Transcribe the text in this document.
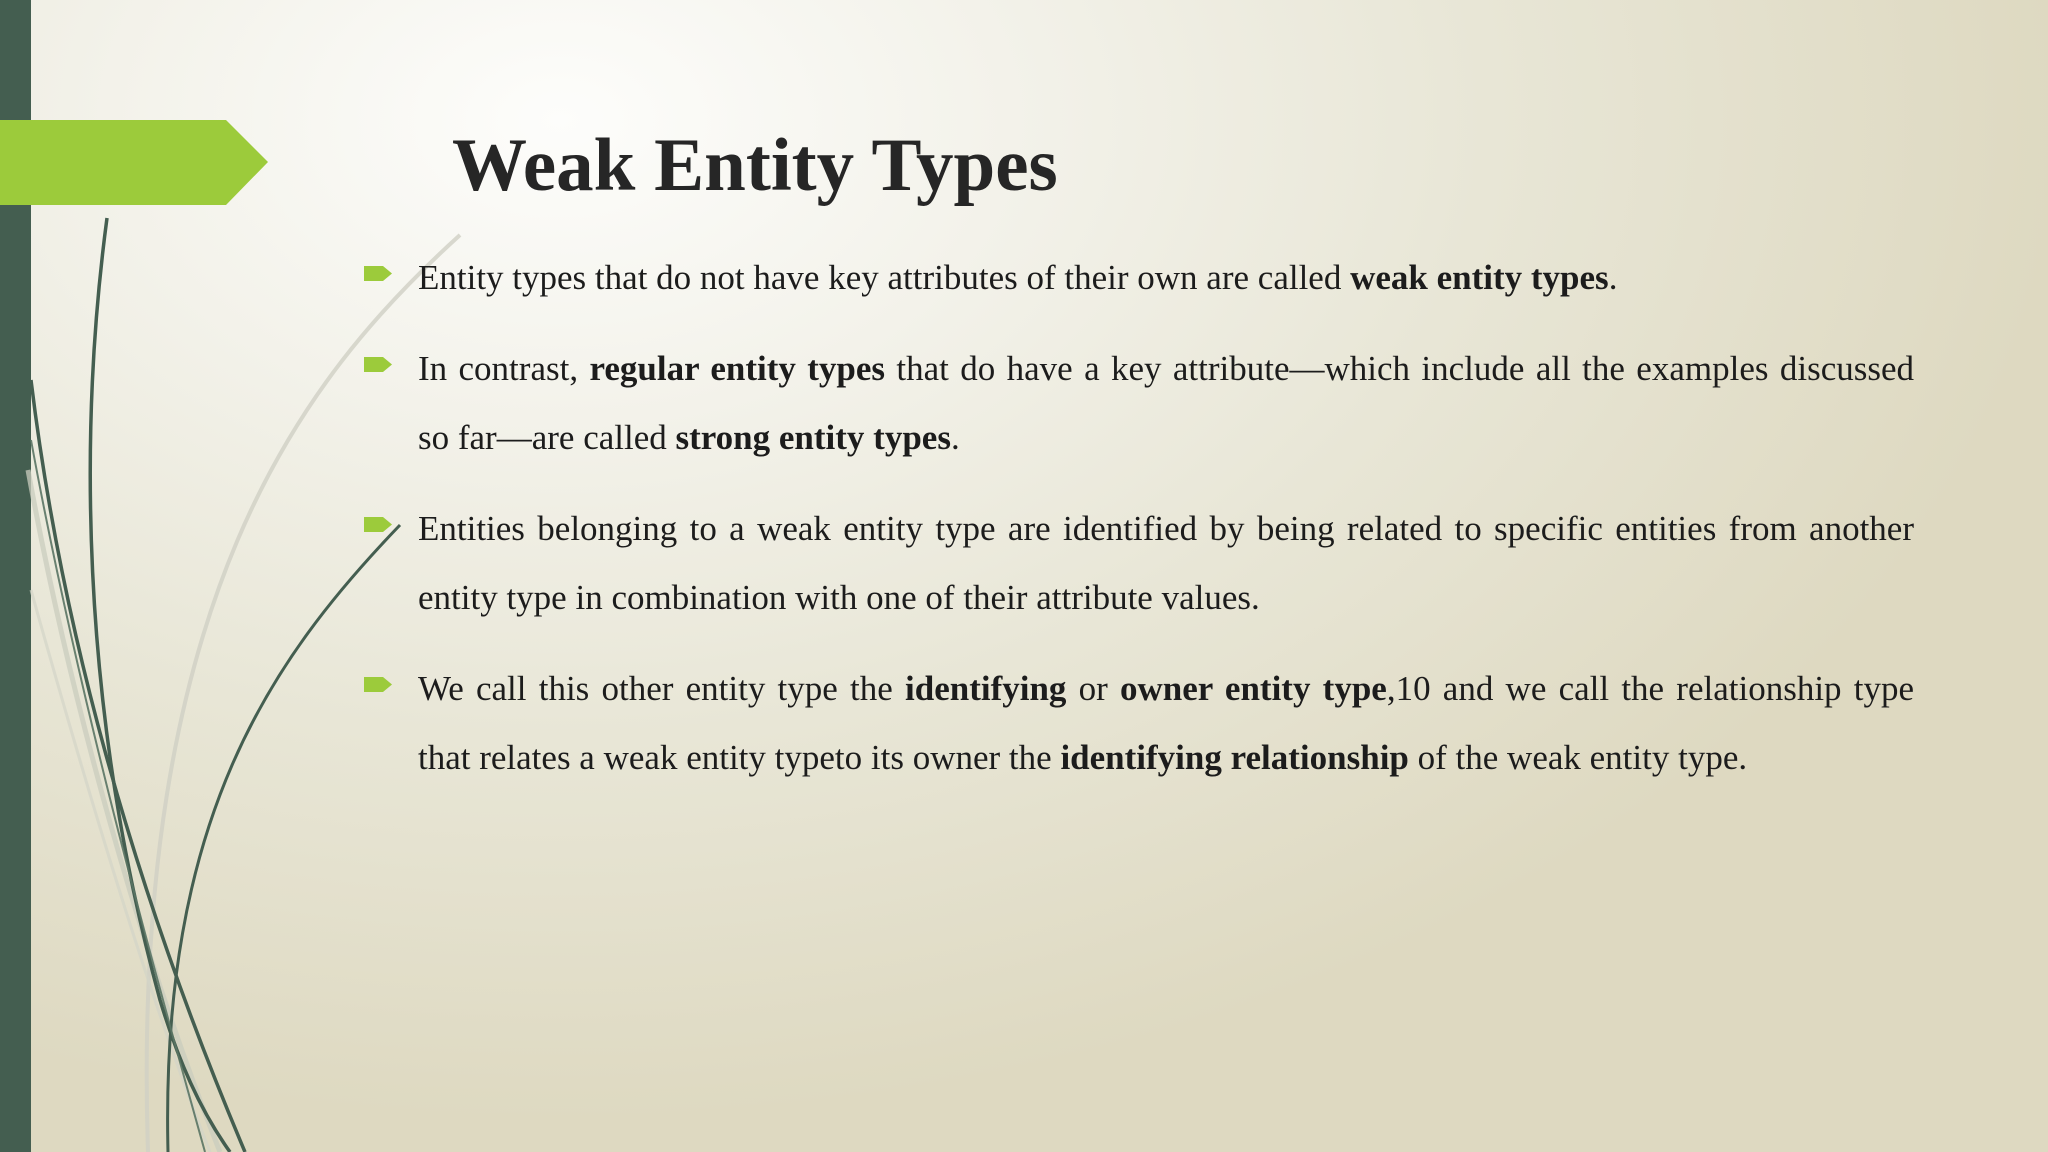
Weak Entity Types
Entity types that do not have key attributes of their own are called weak entity types.
In contrast, regular entity types that do have a key attribute—which include all the examples discussed so far—are called strong entity types.
Entities belonging to a weak entity type are identified by being related to specific entities from another entity type in combination with one of their attribute values.
We call this other entity type the identifying or owner entity type,10 and we call the relationship type that relates a weak entity typeto its owner the identifying relationship of the weak entity type.
